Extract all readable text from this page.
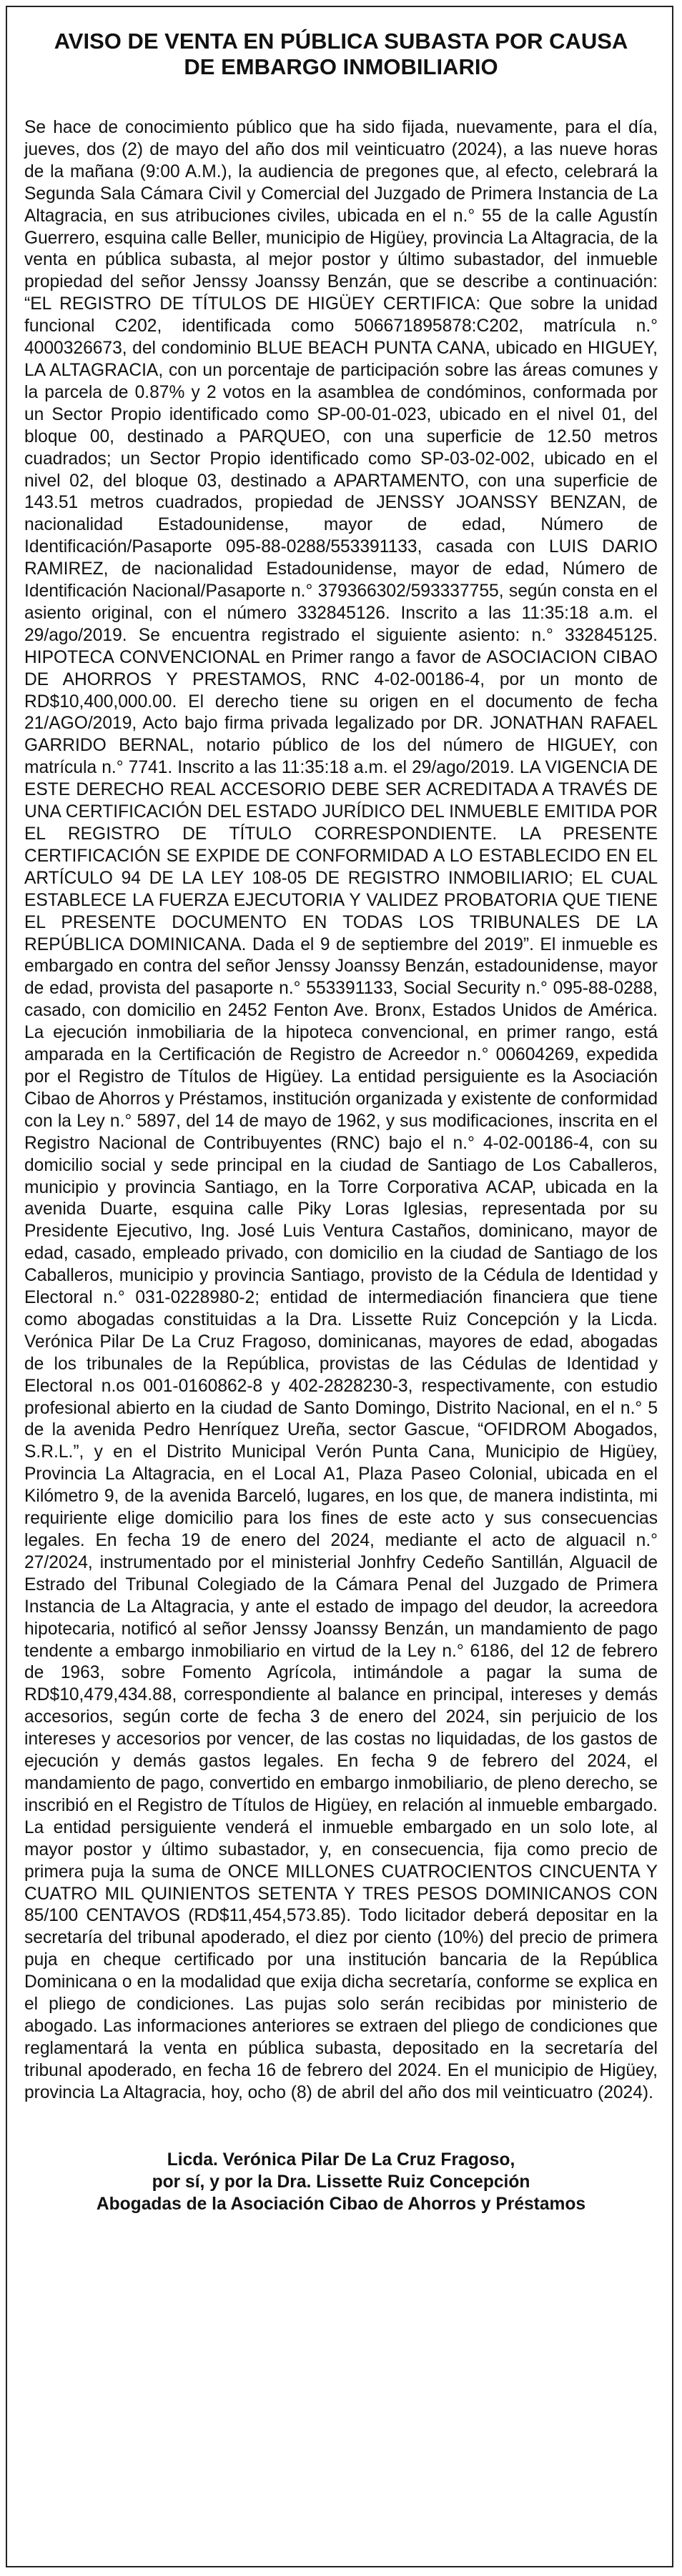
AVISO DE VENTA EN PÚBLICA SUBASTA POR CAUSA
DE EMBARGO INMOBILIARIO

Se hace de conocimiento público que ha sido fijada, nuevamente, para el día, jueves, dos (2) de mayo del año dos mil veinticuatro (2024), a las nueve horas de la mañana (9:00 A.M.), la audiencia de pregones que, al efecto, celebrará la Segunda Sala Cámara Civil y Comercial del Juzgado de Primera Instancia de La Altagracia, en sus atribuciones civiles, ubicada en el n.° 55 de la calle Agustín Guerrero, esquina calle Beller, municipio de Higüey, provincia La Altagracia, de la venta en pública subasta, al mejor postor y último subastador, del inmueble propiedad del señor Jenssy Joanssy Benzán, que se describe a continuación: “EL REGISTRO DE TÍTULOS DE HIGÜEY CERTIFICA: Que sobre la unidad funcional C202, identificada como 506671895878:C202, matrícula n.° 4000326673, del condominio BLUE BEACH PUNTA CANA, ubicado en HIGUEY, LA ALTAGRACIA, con un porcentaje de participación sobre las áreas comunes y la parcela de 0.87% y 2 votos en la asamblea de condóminos, conformada por un Sector Propio identificado como SP-00-01-023, ubicado en el nivel 01, del bloque 00, destinado a PARQUEO, con una superficie de 12.50 metros cuadrados; un Sector Propio identificado como SP-03-02-002, ubicado en el nivel 02, del bloque 03, destinado a APARTAMENTO, con una superficie de 143.51 metros cuadrados, propiedad de JENSSY JOANSSY BENZAN, de nacionalidad Estadounidense, mayor de edad, Número de Identificación/Pasaporte 095-88-0288/553391133, casada con LUIS DARIO RAMIREZ, de nacionalidad Estadounidense, mayor de edad, Número de Identificación Nacional/Pasaporte n.° 379366302/593337755, según consta en el asiento original, con el número 332845126. Inscrito a las 11:35:18 a.m. el 29/ago/2019. Se encuentra registrado el siguiente asiento: n.° 332845125. HIPOTECA CONVENCIONAL en Primer rango a favor de ASOCIACION CIBAO DE AHORROS Y PRESTAMOS, RNC 4-02-00186-4, por un monto de RD$10,400,000.00. El derecho tiene su origen en el documento de fecha 21/AGO/2019, Acto bajo firma privada legalizado por DR. JONATHAN RAFAEL GARRIDO BERNAL, notario público de los del número de HIGUEY, con matrícula n.° 7741. Inscrito a las 11:35:18 a.m. el 29/ago/2019. LA VIGENCIA DE ESTE DERECHO REAL ACCESORIO DEBE SER ACREDITADA A TRAVÉS DE UNA CERTIFICACIÓN DEL ESTADO JURÍDICO DEL INMUEBLE EMITIDA POR EL REGISTRO DE TÍTULO CORRESPONDIENTE. LA PRESENTE CERTIFICACIÓN SE EXPIDE DE CONFORMIDAD A LO ESTABLECIDO EN EL ARTÍCULO 94 DE LA LEY 108-05 DE REGISTRO INMOBILIARIO; EL CUAL ESTABLECE LA FUERZA EJECUTORIA Y VALIDEZ PROBATORIA QUE TIENE EL PRESENTE DOCUMENTO EN TODAS LOS TRIBUNALES DE LA REPÚBLICA DOMINICANA. Dada el 9 de septiembre del 2019”. El inmueble es embargado en contra del señor Jenssy Joanssy Benzán, estadounidense, mayor de edad, provista del pasaporte n.° 553391133, Social Security n.° 095-88-0288, casado, con domicilio en 2452 Fenton Ave. Bronx, Estados Unidos de América. La ejecución inmobiliaria de la hipoteca convencional, en primer rango, está amparada en la Certificación de Registro de Acreedor n.° 00604269, expedida por el Registro de Títulos de Higüey. La entidad persiguiente es la Asociación Cibao de Ahorros y Préstamos, institución organizada y existente de conformidad con la Ley n.° 5897, del 14 de mayo de 1962, y sus modificaciones, inscrita en el Registro Nacional de Contribuyentes (RNC) bajo el n.° 4-02-00186-4, con su domicilio social y sede principal en la ciudad de Santiago de Los Caballeros, municipio y provincia Santiago, en la Torre Corporativa ACAP, ubicada en la avenida Duarte, esquina calle Piky Loras Iglesias, representada por su Presidente Ejecutivo, Ing. José Luis Ventura Castaños, dominicano, mayor de edad, casado, empleado privado, con domicilio en la ciudad de Santiago de los Caballeros, municipio y provincia Santiago, provisto de la Cédula de Identidad y Electoral n.° 031-0228980-2; entidad de intermediación financiera que tiene como abogadas constituidas a la Dra. Lissette Ruiz Concepción y la Licda. Verónica Pilar De La Cruz Fragoso, dominicanas, mayores de edad, abogadas de los tribunales de la República, provistas de las Cédulas de Identidad y Electoral n.os 001-0160862-8 y 402-2828230-3, respectivamente, con estudio profesional abierto en la ciudad de Santo Domingo, Distrito Nacional, en el n.° 5 de la avenida Pedro Henríquez Ureña, sector Gascue, “OFIDROM Abogados, S.R.L.”, y en el Distrito Municipal Verón Punta Cana, Municipio de Higüey, Provincia La Altagracia, en el Local A1, Plaza Paseo Colonial, ubicada en el Kilómetro 9, de la avenida Barceló, lugares, en los que, de manera indistinta, mi requiriente elige domicilio para los fines de este acto y sus consecuencias legales. En fecha 19 de enero del 2024, mediante el acto de alguacil n.° 27/2024, instrumentado por el ministerial Jonhfry Cedeño Santillán, Alguacil de Estrado del Tribunal Colegiado de la Cámara Penal del Juzgado de Primera Instancia de La Altagracia, y ante el estado de impago del deudor, la acreedora hipotecaria, notificó al señor Jenssy Joanssy Benzán, un mandamiento de pago tendente a embargo inmobiliario en virtud de la Ley n.° 6186, del 12 de febrero de 1963, sobre Fomento Agrícola, intimándole a pagar la suma de RD$10,479,434.88, correspondiente al balance en principal, intereses y demás accesorios, según corte de fecha 3 de enero del 2024, sin perjuicio de los intereses y accesorios por vencer, de las costas no liquidadas, de los gastos de ejecución y demás gastos legales. En fecha 9 de febrero del 2024, el mandamiento de pago, convertido en embargo inmobiliario, de pleno derecho, se inscribió en el Registro de Títulos de Higüey, en relación al inmueble embargado. La entidad persiguiente venderá el inmueble embargado en un solo lote, al mayor postor y último subastador, y, en consecuencia, fija como precio de primera puja la suma de ONCE MILLONES CUATROCIENTOS CINCUENTA Y CUATRO MIL QUINIENTOS SETENTA Y TRES PESOS DOMINICANOS CON 85/100 CENTAVOS (RD$11,454,573.85). Todo licitador deberá depositar en la secretaría del tribunal apoderado, el diez por ciento (10%) del precio de primera puja en cheque certificado por una institución bancaria de la República Dominicana o en la modalidad que exija dicha secretaría, conforme se explica en el pliego de condiciones. Las pujas solo serán recibidas por ministerio de abogado. Las informaciones anteriores se extraen del pliego de condiciones que reglamentará la venta en pública subasta, depositado en la secretaría del tribunal apoderado, en fecha 16 de febrero del 2024. En el municipio de Higüey, provincia La Altagracia, hoy, ocho (8) de abril del año dos mil veinticuatro (2024).

Licda. Verónica Pilar De La Cruz Fragoso,
por sí, y por la Dra. Lissette Ruiz Concepción
Abogadas de la Asociación Cibao de Ahorros y Préstamos
